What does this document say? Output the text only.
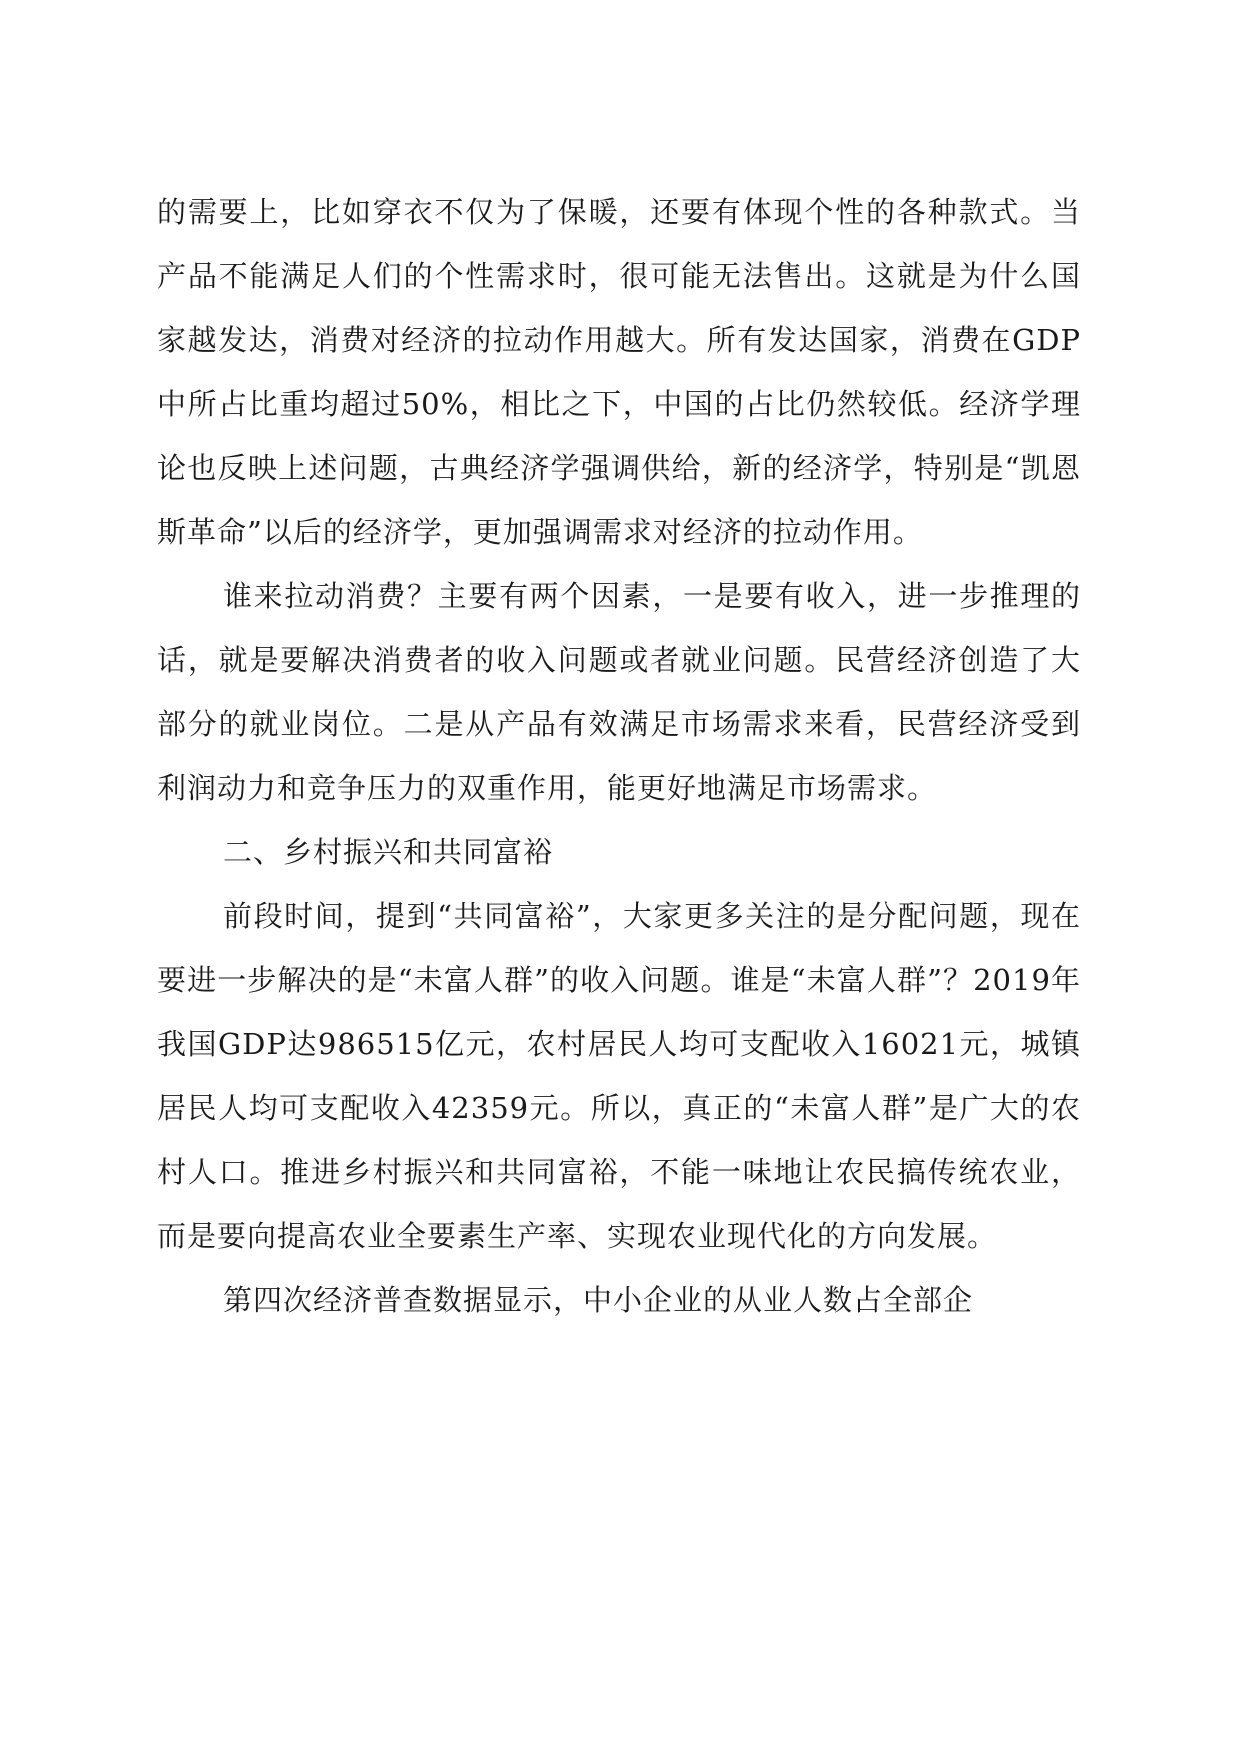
的需要上，比如穿衣不仅为了保暖，还要有体现个性的各种款式。当产品不能满足人们的个性需求时，很可能无法售出。这就是为什么国家越发达，消费对经济的拉动作用越大。所有发达国家，消费在GDP中所占比重均超过50%，相比之下，中国的占比仍然较低。经济学理论也反映上述问题，古典经济学强调供给，新的经济学，特别是“凯恩斯革命”以后的经济学，更加强调需求对经济的拉动作用。

谁来拉动消费？主要有两个因素，一是要有收入，进一步推理的话，就是要解决消费者的收入问题或者就业问题。民营经济创造了大部分的就业岗位。二是从产品有效满足市场需求来看，民营经济受到利润动力和竞争压力的双重作用，能更好地满足市场需求。

二、乡村振兴和共同富裕

前段时间，提到“共同富裕”，大家更多关注的是分配问题，现在要进一步解决的是“未富人群”的收入问题。谁是“未富人群”？2019年我国GDP达986515亿元，农村居民人均可支配收入16021元，城镇居民人均可支配收入42359元。所以，真正的“未富人群”是广大的农村人口。推进乡村振兴和共同富裕，不能一味地让农民搞传统农业，而是要向提高农业全要素生产率、实现农业现代化的方向发展。

第四次经济普查数据显示，中小企业的从业人数占全部企
